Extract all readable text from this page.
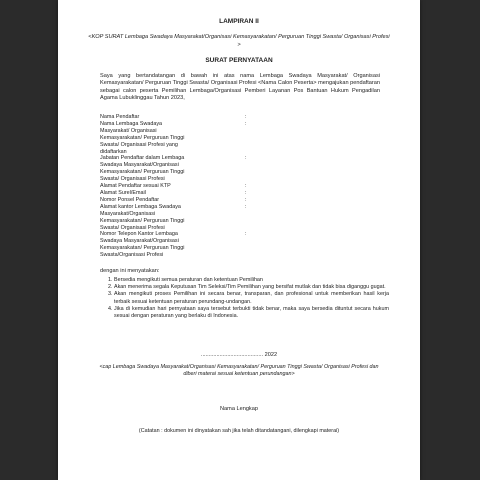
LAMPIRAN II
<KOP SURAT Lembaga Swadaya Masyarakat/Organisasi Kemasyarakatan/ Perguruan Tinggi Swasta/ Organisasi Profesi >
SURAT PERNYATAAN
Saya yang bertandatangan di bawah ini atas nama Lembaga Swadaya Masyarakat/ Organisasi Kemasyarakatan/ Perguruan Tinggi Swasta/ Organisasi Profesi <Nama Calon Peserta> mengajukan pendaftaran sebagai calon peserta Pemilihan Lembaga/Organisasi Pemberi Layanan Pos Bantuan Hukum Pengadilan Agama Lubuklinggau Tahun 2023,
Nama Pendaftar	:
Nama Lembaga Swadaya	:
Masyarakat/ Organisasi
Kemasyarakatan/ Perguruan Tinggi
Swasta/ Organisasi Profesi yang
didaftarkan
Jabatan Pendaftar dalam Lembaga	:
Swadaya Masyarakat/Organisasi
Kemasyarakatan/ Perguruan Tinggi
Swasta/ Organisasi Profesi
Alamat Pendaftar sesuai KTP	:
Alamat Surel/Email	:
Nomor Ponsel Pendaftar	:
Alamat kantor Lembaga Swadaya	:
Masyarakat/Organisasi
Kemasyarakatan/ Perguruan Tinggi
Swasta/ Organisasi Profesi
Nomor Telepon Kantor Lembaga	:
Swadaya Masyarakat/Organisasi
Kemasyarakatan/ Perguruan Tinggi
Swasta/Organisasi Profesi
dengan ini menyatakan:
1. Bersedia mengikuti semua peraturan dan ketentuan Pemilihan
2. Akan menerima segala Keputusan Tim Seleksi/Tim Pemilihan yang bersifat mutlak dan tidak bisa diganggu gugat.
3. Akan mengikuti proses Pemilihan ini secara benar, transparan, dan profesional untuk memberikan hasil kerja terbaik sesuai ketentuan peraturan perundang-undangan.
4. Jika di kemudian hari pernyataan saya tersebut terbukti tidak benar, maka saya bersedia dituntut secara hukum sesuai dengan peraturan yang berlaku di Indonesia.
........................................ 2022
<cap Lembaga Swadaya Masyarakat/Organisasi Kemasyarakatan/ Perguruan Tinggi Swasta/ Organisasi Profesi dan diberi materai sesuai ketentuan perundangan>
Nama Lengkap
(Catatan : dokumen ini dinyatakan sah jika telah ditandatangani, dilengkapi materai)
